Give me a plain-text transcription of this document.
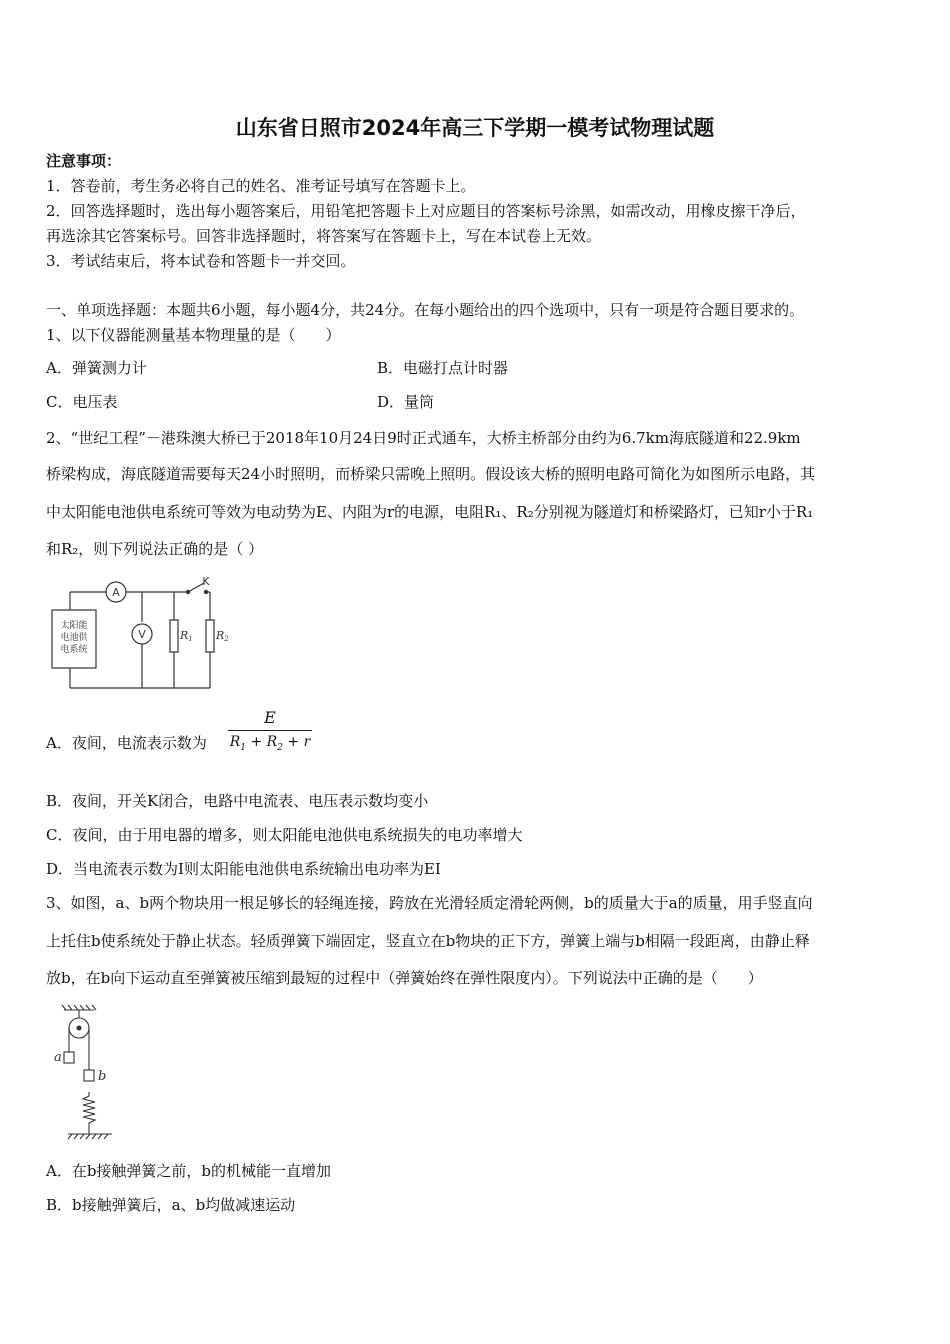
山东省日照市2024年高三下学期一模考试物理试题
注意事项：
1．答卷前，考生务必将自己的姓名、准考证号填写在答题卡上。
2．回答选择题时，选出每小题答案后，用铅笔把答题卡上对应题目的答案标号涂黑，如需改动，用橡皮擦干净后，
再选涂其它答案标号。回答非选择题时，将答案写在答题卡上，写在本试卷上无效。
3．考试结束后，将本试卷和答题卡一并交回。
一、单项选择题：本题共6小题，每小题4分，共24分。在每小题给出的四个选项中，只有一项是符合题目要求的。
1、以下仪器能测量基本物理量的是（　　）
A．弹簧测力计	B．电磁打点计时器
C．电压表	D．量筒
2、“世纪工程”－港珠澳大桥已于2018年10月24日9时正式通车，大桥主桥部分由约为6.7km海底隧道和22.9km
桥梁构成，海底隧道需要每天24小时照明，而桥梁只需晚上照明。假设该大桥的照明电路可简化为如图所示电路，其
中太阳能电池供电系统可等效为电动势为E、内阻为r的电源，电阻R₁、R₂分别视为隧道灯和桥梁路灯，已知r小于R₁
和R₂，则下列说法正确的是（ ）
太阳能
电池供
电系统
A
V
K
R1 R2
A．夜间，电流表示数为
E
$R_1 + R_2 + r$
B．夜间，开关K闭合，电路中电流表、电压表示数均变小
C．夜间，由于用电器的增多，则太阳能电池供电系统损失的电功率增大
D．当电流表示数为I则太阳能电池供电系统输出电功率为EI
3、如图，a、b两个物块用一根足够长的轻绳连接，跨放在光滑轻质定滑轮两侧，b的质量大于a的质量，用手竖直向
上托住b使系统处于静止状态。轻质弹簧下端固定，竖直立在b物块的正下方，弹簧上端与b相隔一段距离，由静止释
放b，在b向下运动直至弹簧被压缩到最短的过程中（弹簧始终在弹性限度内）。下列说法中正确的是（　　）
a
b
A．在b接触弹簧之前，b的机械能一直增加
B．b接触弹簧后，a、b均做减速运动
